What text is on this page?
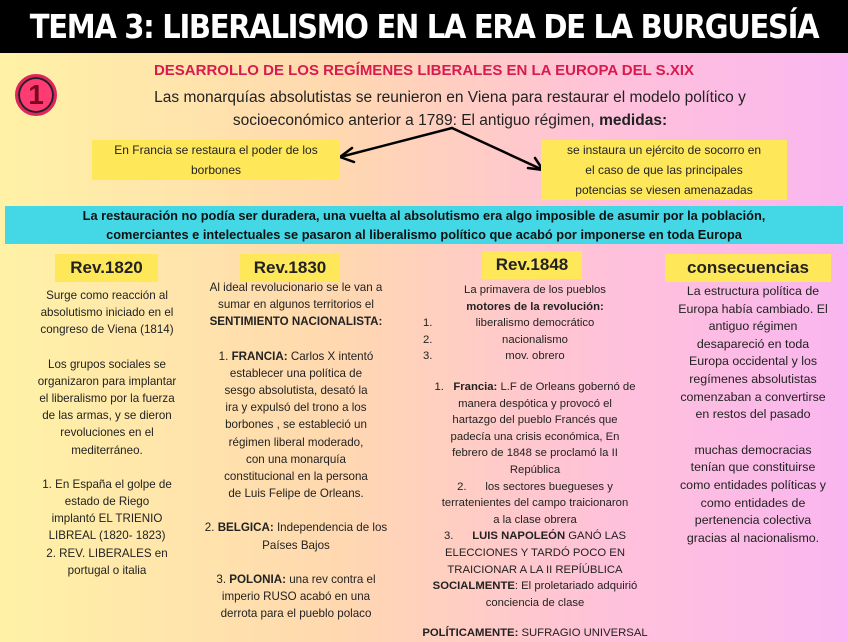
TEMA 3: LIBERALISMO EN LA ERA DE LA BURGUESÍA
1
DESARROLLO DE LOS REGÍMENES LIBERALES EN LA EUROPA DEL S.XIX
Las monarquías absolutistas se reunieron en Viena para restaurar el modelo político y
socioeconómico anterior a 1789: El antiguo régimen, medidas:
En Francia se restaura el poder de los
borbones
se instaura un ejército de socorro en
el caso de que las principales
potencias se viesen amenazadas
La restauración no podía ser duradera, una vuelta al absolutismo era algo imposible de asumir por la población,
comerciantes e intelectuales se pasaron al liberalismo político que acabó por imponerse en toda Europa
Rev.1820	Rev.1830	Rev.1848	consecuencias

Surge como reacción al

absolutismo iniciado en el

congreso de Viena (1814)

Los grupos sociales se

organizaron para implantar

el liberalismo por la fuerza

de las armas, y se dieron

revoluciones en el

mediterráneo.

1. En España el golpe de

estado de Riego

implantó EL TRIENIO

LIBREAL (1820- 1823)

2. REV. LIBERALES en

portugal o italia

Al ideal revolucionario se le van a

sumar en algunos territorios el

SENTIMIENTO NACIONALISTA:

1. FRANCIA: Carlos X intentó

establecer una política de

sesgo absolutista, desató la

ira y expulsó del trono a los

borbones , se estableció un

régimen liberal moderado,

con una monarquía

constitucional en la persona

de Luis Felipe de Orleans.

2. BELGICA: Independencia de los

Países Bajos

3. POLONIA: una rev contra el

imperio RUSO acabó en una

derrota para el pueblo polaco

La primavera de los pueblos

motores de la revolución:

1.	liberalismo democrático

2.	nacionalismo

3.	mov. obrero

1.   Francia: L.F de Orleans gobernó de

manera despótica y provocó el

hartazgo del pueblo Francés que

padecía una crisis económica, En

febrero de 1848 se proclamó la II

República

2.      los sectores buegueses y

terratenientes del campo traicionaron

a la clase obrera

3.      LUIS NAPOLEÓN GANÓ LAS

ELECCIONES Y TARDÓ POCO EN

TRAICIONAR A LA II REPÍÚBLICA

SOCIALMENTE: El proletariado adquirió

conciencia de clase

POLÍTICAMENTE: SUFRAGIO UNIVERSAL

La estructura política de

Europa había cambiado. El

antiguo régimen

desapareció en toda

Europa occidental y los

regímenes absolutistas

comenzaban a convertirse

en restos del pasado

muchas democracias

tenían que constituirse

como entidades políticas y

como entidades de

pertenencia colectiva

gracias al nacionalismo.
